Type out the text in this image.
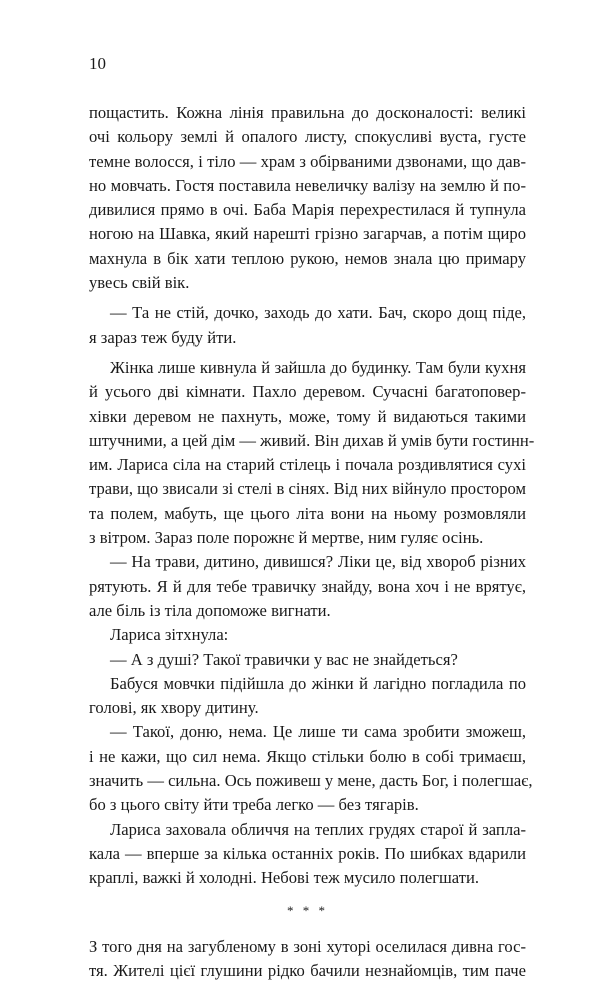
10
пощастить. Кожна лінія правильна до досконалості: великі
очі кольору землі й опалого листу, спокусливі вуста, густе
темне волосся, і тіло — храм з обірваними дзвонами, що дав-
но мовчать. Гостя поставила невеличку валізу на землю й по-
дивилися прямо в очі. Баба Марія перехрестилася й тупнула
ногою на Шавка, який нарешті грізно загарчав, а потім щиро
махнула в бік хати теплою рукою, немов знала цю примару
увесь свій вік.
— Та не стій, дочко, заходь до хати. Бач, скоро дощ піде,
я зараз теж буду йти.
Жінка лише кивнула й зайшла до будинку. Там були кухня
й усього дві кімнати. Пахло деревом. Сучасні багатоповер-
хівки деревом не пахнуть, може, тому й видаються такими
штучними, а цей дім — живий. Він дихав й умів бути гостинн-
им. Лариса сіла на старий стілець і почала роздивлятися сухі
трави, що звисали зі стелі в сінях. Від них війнуло простором
та полем, мабуть, ще цього літа вони на ньому розмовляли
з вітром. Зараз поле порожнє й мертве, ним гуляє осінь.
— На трави, дитино, дивишся? Ліки це, від хвороб різних
рятують. Я й для тебе травичку знайду, вона хоч і не врятує,
але біль із тіла допоможе вигнати.
Лариса зітхнула:
— А з душі? Такої травички у вас не знайдеться?
Бабуся мовчки підійшла до жінки й лагідно погладила по
голові, як хвору дитину.
— Такої, доню, нема. Це лише ти сама зробити зможеш,
і не кажи, що сил нема. Якщо стільки болю в собі тримаєш,
значить — сильна. Ось поживеш у мене, дасть Бог, і полегшає,
бо з цього світу йти треба легко — без тягарів.
Лариса заховала обличчя на теплих грудях старої й запла-
кала — вперше за кілька останніх років. По шибках вдарили
краплі, важкі й холодні. Небові теж мусило полегшати.
* * *
З того дня на загубленому в зоні хуторі оселилася дивна гос-
тя. Жителі цієї глушини рідко бачили незнайомців, тим паче
